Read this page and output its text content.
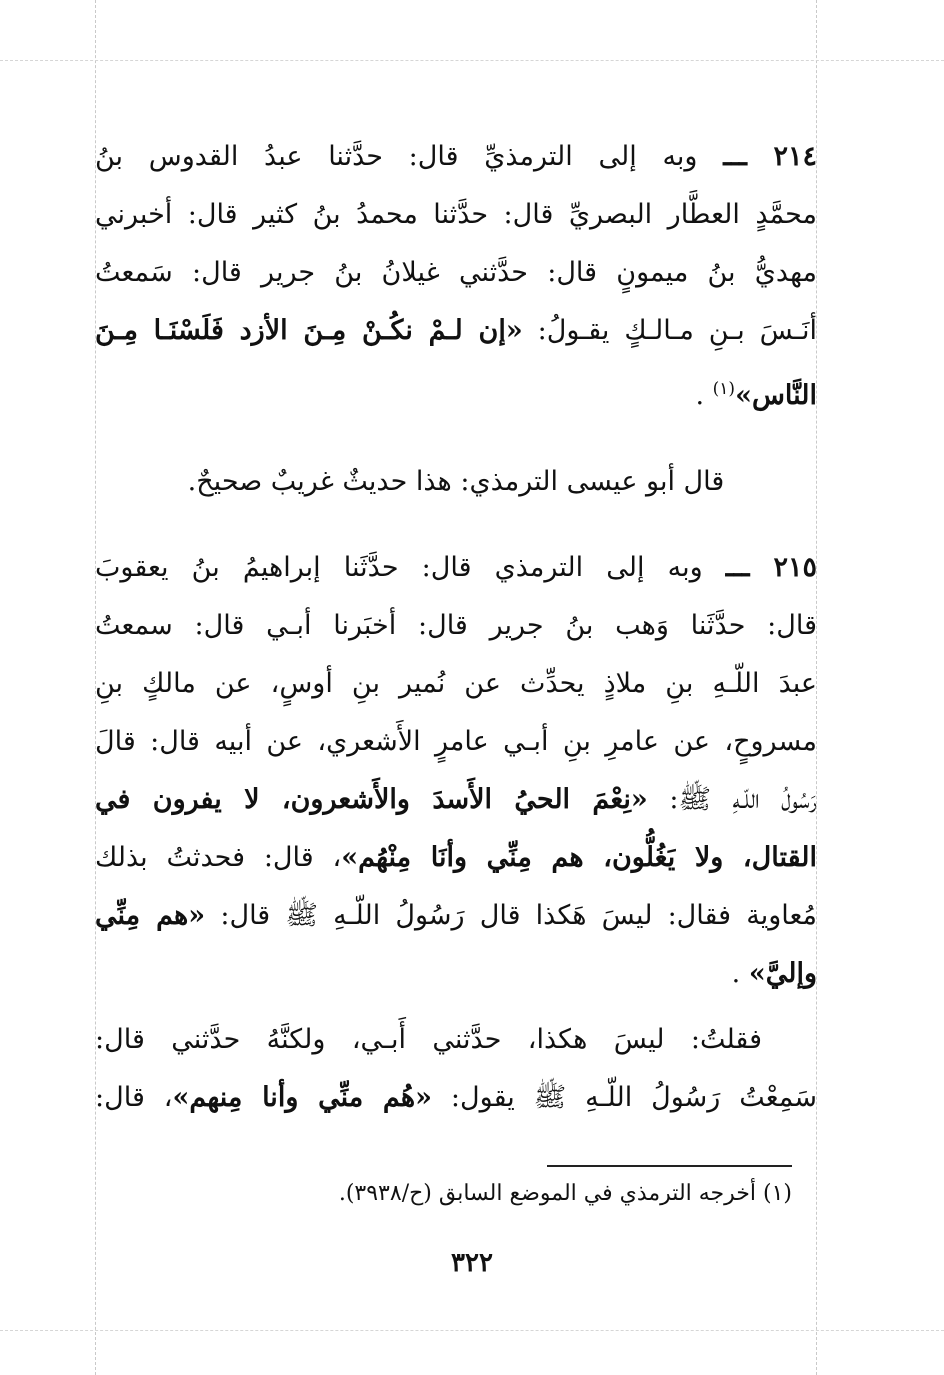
٢١٤ ـــ وبه إلى الترمذيِّ قال: حدَّثنا عبدُ القدوس بنُ
محمَّدٍ العطَّار البصريِّ قال: حدَّثنا محمدُ بنُ كثير قال: أخبرني
مهديُّ بنُ ميمونٍ قال: حدَّثني غيلانُ بنُ جرير قال: سَمعتُ
أنَـسَ بـنِ مـالـكٍ يقـولُ: «إن لـمْ نكُـنْ مِـنَ الأزد فَلَسْنَـا مِـنَ
النَّاس»$^{(١)}$ .
قال أبو عيسى الترمذي: هذا حديثٌ غريبٌ صحيحٌ.
٢١٥ ـــ وبه إلى الترمذي قال: حدَّثَنا إبراهيمُ بنُ يعقوبَ
قال: حدَّثَنا وَهب بنُ جرير قال: أخبَرنا أبـي قال: سمعتُ
عبدَ اللّـهِ بنِ ملاذٍ يحدِّث عن نُمير بنِ أوسٍ، عن مالكٍ بنِ
مسروحٍ، عن عامرِ بنِ أبـي عامرٍ الأَشعري، عن أبيه قال: قالَ
رَسُولُ اللّـهِ ﷺ: «نِعْمَ الحيُ الأَسدَ والأَشعرون، لا يفرون في
القتال، ولا يَغُلُّون، هم مِنِّي وأنَا مِنْهُم»، قال: فحدثتُ بذلك
مُعاوية فقال: ليسَ هَكذا قال رَسُولُ اللّـهِ ﷺ قال: «هم مِنِّي
وإليَّ» .
فقلتُ: ليسَ هكذا، حدَّثني أَبـي، ولكنَّهُ حدَّثني قال:
سَمِعْتُ رَسُولُ اللّـهِ ﷺ يقول: «هُم منِّي وأنا مِنهم»، قال:
(١) أخرجه الترمذي في الموضع السابق (ح/٣٩٣٨).
٣٢٢
